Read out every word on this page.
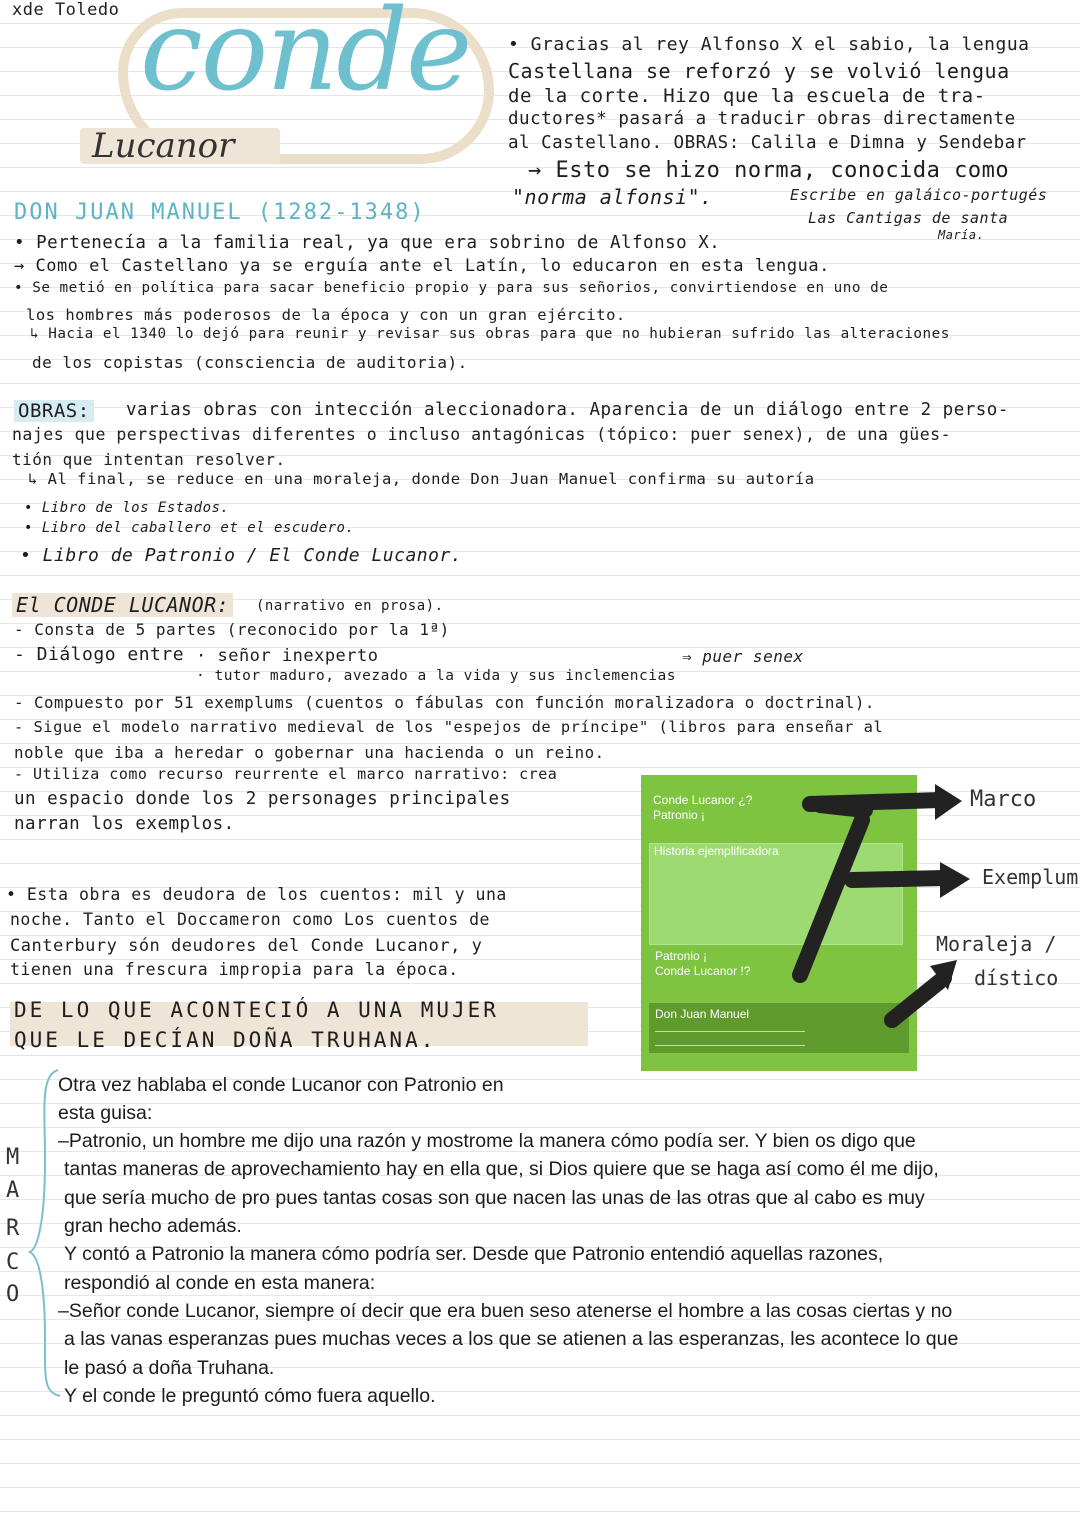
xde Toledo conde
Lucanor
• Gracias al rey Alfonso X el sabio, la lengua
Castellana se reforzó y se volvió lengua
de la corte. Hizo que la escuela de tra-
ductores* pasará a traducir obras directamente
al Castellano. OBRAS: Calila e Dimna y Sendebar
→ Esto se hizo norma, conocida como
"norma alfonsi".	Escribe en galáico-portugés
Las Cantigas de santa
María.
DON JUAN MANUEL (1282-1348)
• Pertenecía a la familia real, ya que era sobrino de Alfonso X.
→ Como el Castellano ya se erguía ante el Latín, lo educaron en esta lengua.
• Se metió en política para sacar beneficio propio y para sus señorios, convirtiendose en uno de
los hombres más poderosos de la época y con un gran ejército.
↳ Hacia el 1340 lo dejó para reunir y revisar sus obras para que no hubieran sufrido las alteraciones
de los copistas (consciencia de auditoria).
OBRAS: varias obras con intección aleccionadora. Aparencia de un diálogo entre 2 perso-
najes que perspectivas diferentes o incluso antagónicas (tópico: puer senex), de una gües-
tión que intentan resolver.
↳ Al final, se reduce en una moraleja, donde Don Juan Manuel confirma su autoría
• Libro de los Estados.
• Libro del caballero et el escudero.
• Libro de Patronio / El Conde Lucanor.
El CONDE LUCANOR: (narrativo en prosa).
- Consta de 5 partes (reconocido por la 1ª)
- Diálogo entre · señor inexperto
· tutor maduro, avezado a la vida y sus inclemencias
⇒ puer senex
- Compuesto por 51 exemplums (cuentos o fábulas con función moralizadora o doctrinal).
- Sigue el modelo narrativo medieval de los "espejos de príncipe" (libros para enseñar al
noble que iba a heredar o gobernar una hacienda o un reino.
- Utiliza como recurso reurrente el marco narrativo: crea
un espacio donde los 2 personages principales
narran los exemplos.
• Esta obra es deudora de los cuentos: mil y una
noche. Tanto el Doccameron como Los cuentos de
Canterbury són deudores del Conde Lucanor, y
tienen una frescura impropia para la época.
DE LO QUE ACONTECIÓ A UNA MUJER
QUE LE DECÍAN DOÑA TRUHANA.
Conde Lucanor ¿?
Patronio ¡
Historia ejemplificadora
Patronio ¡
Conde Lucanor !?
Don Juan Manuel
Marco
Exemplum
Moraleja /
dístico
M
A
R
C
O
Otra vez hablaba el conde Lucanor con Patronio en
esta guisa:
–Patronio, un hombre me dijo una razón y mostrome la manera cómo podía ser. Y bien os digo que
tantas maneras de aprovechamiento hay en ella que, si Dios quiere que se haga así como él me dijo,
que sería mucho de pro pues tantas cosas son que nacen las unas de las otras que al cabo es muy
gran hecho además.
Y contó a Patronio la manera cómo podría ser. Desde que Patronio entendió aquellas razones,
respondió al conde en esta manera:
–Señor conde Lucanor, siempre oí decir que era buen seso atenerse el hombre a las cosas ciertas y no
a las vanas esperanzas pues muchas veces a los que se atienen a las esperanzas, les acontece lo que
le pasó a doña Truhana.
Y el conde le preguntó cómo fuera aquello.
